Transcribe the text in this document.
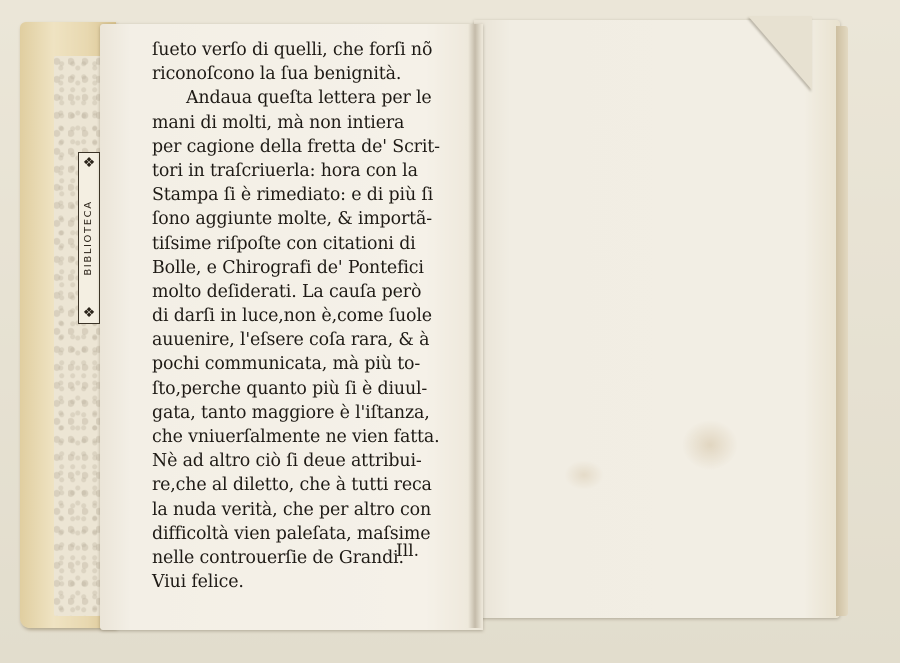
❖
BIBLIOTECA
❖
ſueto verſo di quelli, che forſi nõ
riconoſcono la ſua benignità.
Andaua queſta lettera per le
mani di molti, mà non intiera
per cagione della fretta de' Scrit-
tori in traſcriuerla: hora con la
Stampa ſi è rimediato: e di più ſi
ſono aggiunte molte, & importã-
tiſsime riſpoſte con citationi di
Bolle, e Chirografi de' Pontefici
molto deſiderati. La cauſa però
di darſi in luce,non è,come ſuole
auuenire, l'eſsere coſa rara, & à
pochi communicata, mà più to-
ſto,perche quanto più ſi è diuul-
gata, tanto maggiore è l'iſtanza,
che vniuerſalmente ne vien fatta.
Nè ad altro ciò ſi deue attribui-
re,che al diletto, che à tutti reca
la nuda verità, che per altro con
difficoltà vien paleſata, maſsime
nelle controuerſie de Grandi.
Viui felice.
Ill.
